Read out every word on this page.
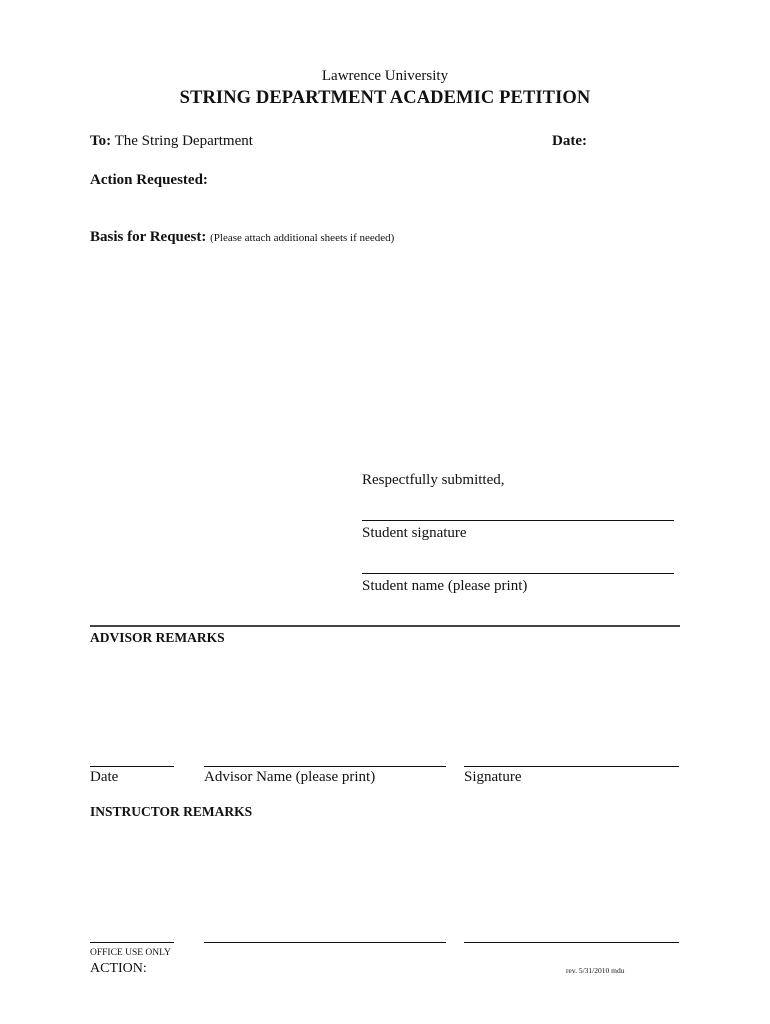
Lawrence University
STRING DEPARTMENT ACADEMIC PETITION
To: The String Department	Date:
Action Requested:
Basis for Request: (Please attach additional sheets if needed)
Respectfully submitted,
Student signature
Student name (please print)
ADVISOR REMARKS
Date	Advisor Name (please print)	Signature
INSTRUCTOR REMARKS
OFFICE USE ONLY
ACTION:	rev. 5/31/2010 mdu
